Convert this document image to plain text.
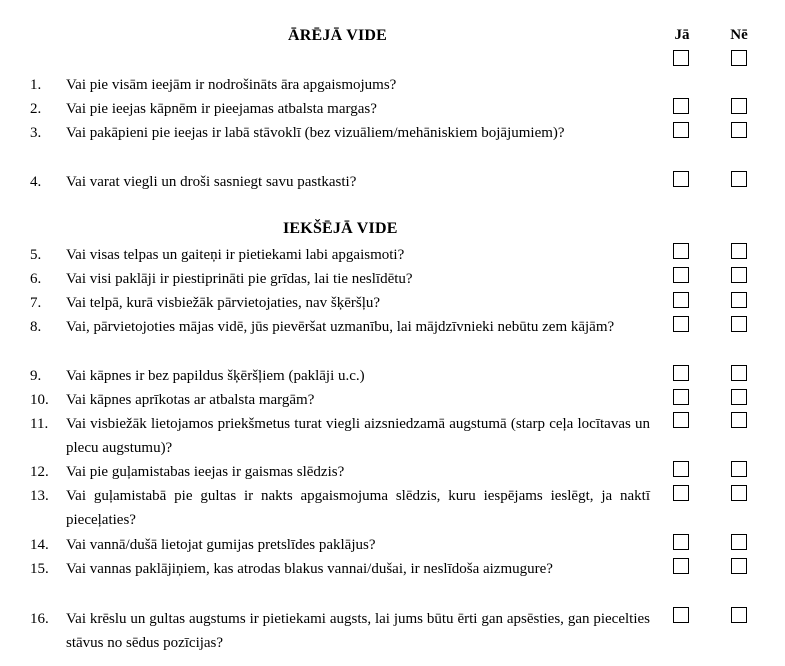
Jā	Nē
ĀRĒJĀ VIDE
1.	Vai pie visām ieejām ir nodrošināts āra apgaismojums?
2.	Vai pie ieejas kāpnēm ir pieejamas atbalsta margas?
3.	Vai pakāpieni pie ieejas ir labā stāvoklī (bez vizuāliem/mehāniskiem bojājumiem)?
4.	Vai varat viegli un droši sasniegt savu pastkasti?
IEKŠĒJĀ VIDE
5.	Vai visas telpas un gaiteņi ir pietiekami labi apgaismoti?
6.	Vai visi paklāji ir piestiprināti pie grīdas, lai tie neslīdētu?
7.	Vai telpā, kurā visbiežāk pārvietojaties, nav šķēršļu?
8.	Vai, pārvietojoties mājas vidē, jūs pievēršat uzmanību, lai mājdzīvnieki nebūtu zem kājām?
9.	Vai kāpnes ir bez papildus šķēršļiem (paklāji u.c.)
10.	Vai kāpnes aprīkotas ar atbalsta margām?
11.	Vai visbiežāk lietojamos priekšmetus turat viegli aizsniedzamā augstumā (starp ceļa locītavas un plecu augstumu)?
12.	Vai pie guļamistabas ieejas ir gaismas slēdzis?
13.	Vai guļamistabā pie gultas ir nakts apgaismojuma slēdzis, kuru iespējams ieslēgt, ja naktī pieceļaties?
14.	Vai vannā/dušā lietojat gumijas pretslīdes paklājus?
15.	Vai vannas paklājiņiem, kas atrodas blakus vannai/dušai, ir neslīdoša aizmugure?
16.	Vai krēslu un gultas augstums ir pietiekami augsts, lai jums būtu ērti gan apsēsties, gan piecelties stāvus no sēdus pozīcijas?
